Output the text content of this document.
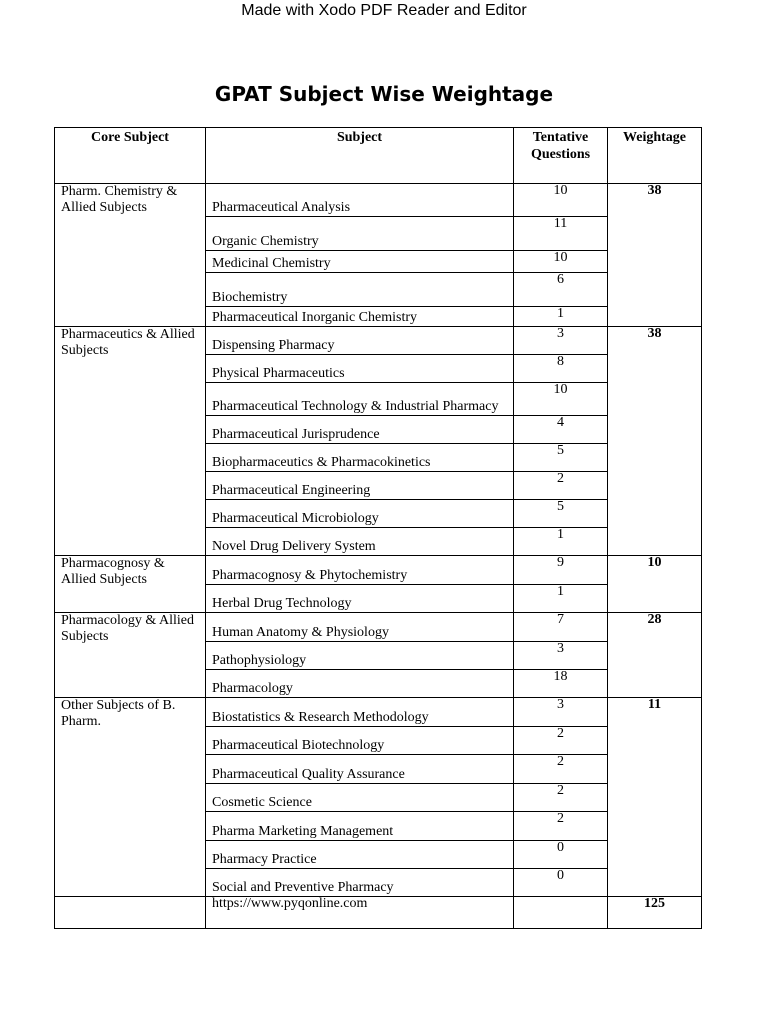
Made with Xodo PDF Reader and Editor
GPAT Subject Wise Weightage
Core Subject	Subject	Tentative Questions	Weightage
Pharm. Chemistry & Allied Subjects	Pharmaceutical Analysis	10	38
	Organic Chemistry	11	
	Medicinal Chemistry	10	
	Biochemistry	6	
	Pharmaceutical Inorganic Chemistry	1	
Pharmaceutics & Allied Subjects	Dispensing Pharmacy	3	38
	Physical Pharmaceutics	8	
	Pharmaceutical Technology & Industrial Pharmacy	10	
	Pharmaceutical Jurisprudence	4	
	Biopharmaceutics & Pharmacokinetics	5	
	Pharmaceutical Engineering	2	
	Pharmaceutical Microbiology	5	
	Novel Drug Delivery System	1	
Pharmacognosy & Allied Subjects	Pharmacognosy & Phytochemistry	9	10
	Herbal Drug Technology	1	
Pharmacology & Allied Subjects	Human Anatomy & Physiology	7	28
	Pathophysiology	3	
	Pharmacology	18	
Other Subjects of B. Pharm.	Biostatistics & Research Methodology	3	11
	Pharmaceutical Biotechnology	2	
	Pharmaceutical Quality Assurance	2	
	Cosmetic Science	2	
	Pharma Marketing Management	2	
	Pharmacy Practice	0	
	Social and Preventive Pharmacy	0	
	https://www.pyqonline.com		125
